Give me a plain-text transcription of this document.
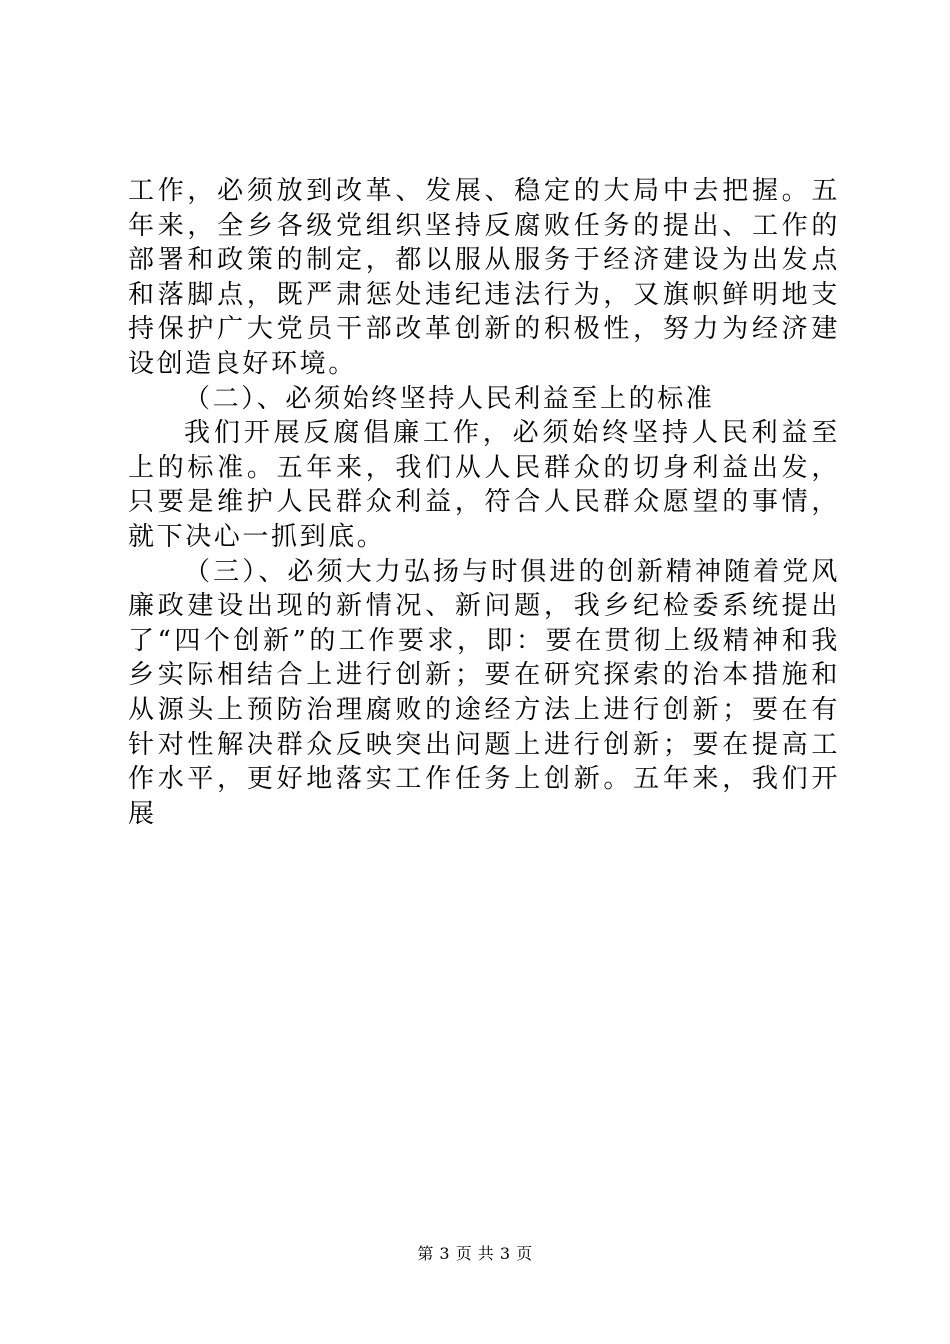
工作，必须放到改革、发展、稳定的大局中去把握。五年来，全乡各级党组织坚持反腐败任务的提出、工作的部署和政策的制定，都以服从服务于经济建设为出发点和落脚点，既严肃惩处违纪违法行为，又旗帜鲜明地支持保护广大党员干部改革创新的积极性，努力为经济建设创造良好环境。

（二）、必须始终坚持人民利益至上的标准

我们开展反腐倡廉工作，必须始终坚持人民利益至上的标准。五年来，我们从人民群众的切身利益出发，只要是维护人民群众利益，符合人民群众愿望的事情，就下决心一抓到底。

（三）、必须大力弘扬与时俱进的创新精神随着党风廉政建设出现的新情况、新问题，我乡纪检委系统提出了“四个创新”的工作要求，即：要在贯彻上级精神和我乡实际相结合上进行创新；要在研究探索的治本措施和从源头上预防治理腐败的途经方法上进行创新；要在有针对性解决群众反映突出问题上进行创新；要在提高工作水平，更好地落实工作任务上创新。五年来，我们开展

第 3 页 共 3 页
